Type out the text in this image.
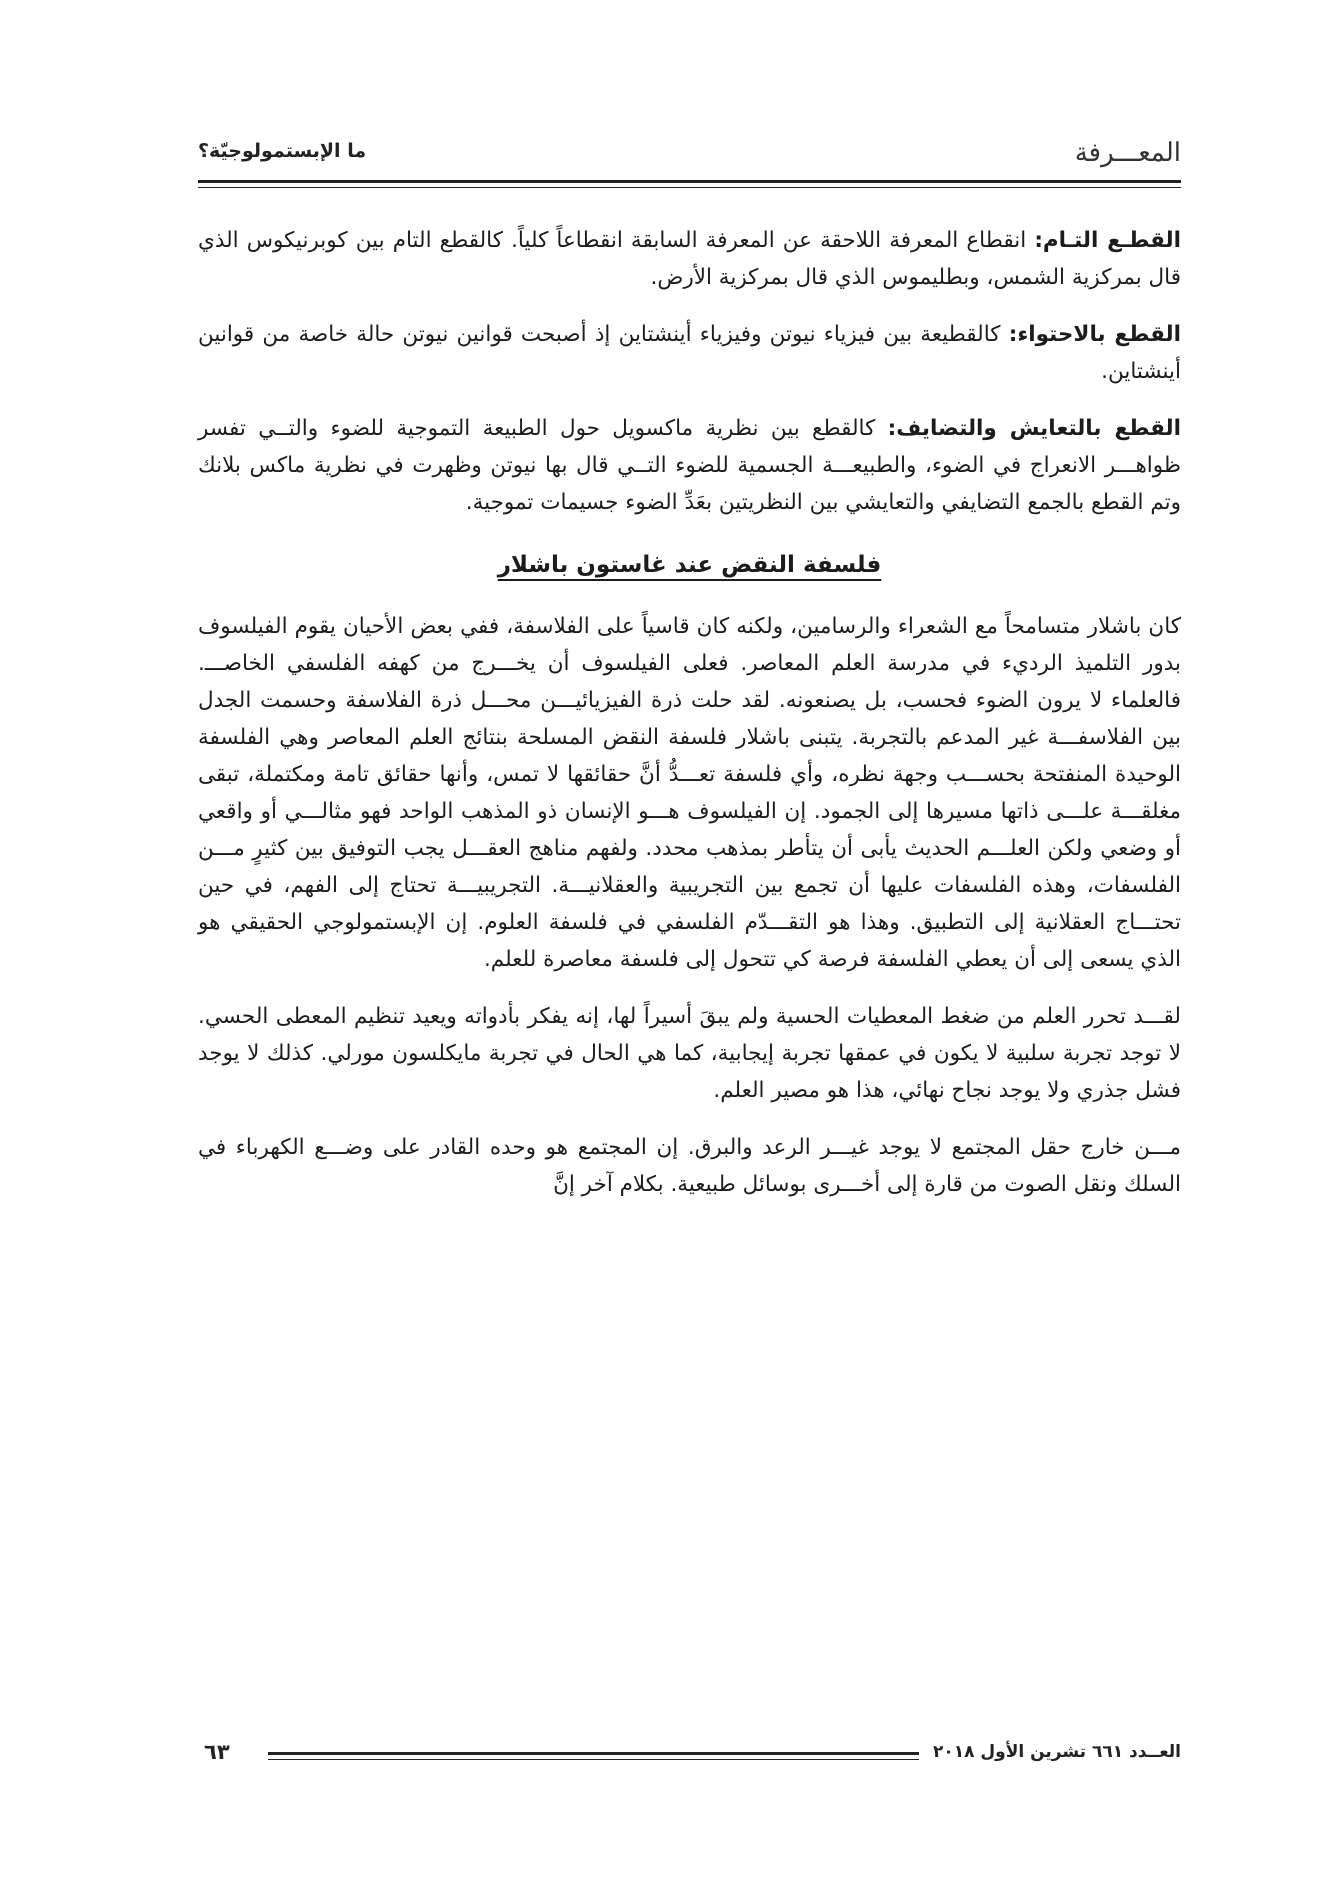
المعـــرفة
ما الإبستمولوجيّة؟

القطـع التـام: انقطاع المعرفة اللاحقة عن المعرفة السابقة انقطاعاً كلياً. كالقطع التام بين كوبرنيكوس الذي قال بمركزية الشمس، وبطليموس الذي قال بمركزية الأرض.

القطع بالاحتواء: كالقطيعة بين فيزياء نيوتن وفيزياء أينشتاين إذ أصبحت قوانين نيوتن حالة خاصة من قوانين أينشتاين.

القطع بالتعايش والتضايف: كالقطع بين نظرية ماكسويل حول الطبيعة التموجية للضوء والتــي تفسر ظواهـــر الانعراج في الضوء، والطبيعـــة الجسمية للضوء التــي قال بها نيوتن وظهرت في نظرية ماكس بلانك وتم القطع بالجمع التضايفي والتعايشي بين النظريتين بعَدِّ الضوء جسيمات تموجية.

فلسفة النقض عند غاستون باشلار

كان باشلار متسامحاً مع الشعراء والرسامين، ولكنه كان قاسياً على الفلاسفة، ففي بعض الأحيان يقوم الفيلسوف بدور التلميذ الرديء في مدرسة العلم المعاصر. فعلى الفيلسوف أن يخـــرج من كهفه الفلسفي الخاصـــ. فالعلماء لا يرون الضوء فحسب، بل يصنعونه. لقد حلت ذرة الفيزيائيـــن محـــل ذرة الفلاسفة وحسمت الجدل بين الفلاسفـــة غير المدعم بالتجربة. يتبنى باشلار فلسفة النقض المسلحة بنتائج العلم المعاصر وهي الفلسفة الوحيدة المنفتحة بحســـب وجهة نظره، وأي فلسفة تعـــدُّ أنَّ حقائقها لا تمس، وأنها حقائق تامة ومكتملة، تبقى مغلقـــة علـــى ذاتها مسيرها إلى الجمود. إن الفيلسوف هـــو الإنسان ذو المذهب الواحد فهو مثالـــي أو واقعي أو وضعي ولكن العلـــم الحديث يأبى أن يتأطر بمذهب محدد. ولفهم مناهج العقـــل يجب التوفيق بين كثيرٍ مـــن الفلسفات، وهذه الفلسفات عليها أن تجمع بين التجريبية والعقلانيـــة. التجريبيـــة تحتاج إلى الفهم، في حين تحتـــاج العقلانية إلى التطبيق. وهذا هو التقـــدّم الفلسفي في فلسفة العلوم. إن الإبستمولوجي الحقيقي هو الذي يسعى إلى أن يعطي الفلسفة فرصة كي تتحول إلى فلسفة معاصرة للعلم.

لقـــد تحرر العلم من ضغط المعطيات الحسية ولم يبقَ أسيراً لها، إنه يفكر بأدواته ويعيد تنظيم المعطى الحسي. لا توجد تجربة سلبية لا يكون في عمقها تجربة إيجابية، كما هي الحال في تجربة مايكلسون مورلي. كذلك لا يوجد فشل جذري ولا يوجد نجاح نهائي، هذا هو مصير العلم.

مـــن خارج حقل المجتمع لا يوجد غيـــر الرعد والبرق. إن المجتمع هو وحده القادر على وضـــع الكهرباء في السلك ونقل الصوت من قارة إلى أخـــرى بوسائل طبيعية. بكلام آخر إنَّ

العــدد ٦٦١ تشرين الأول ٢٠١٨
٦٣
